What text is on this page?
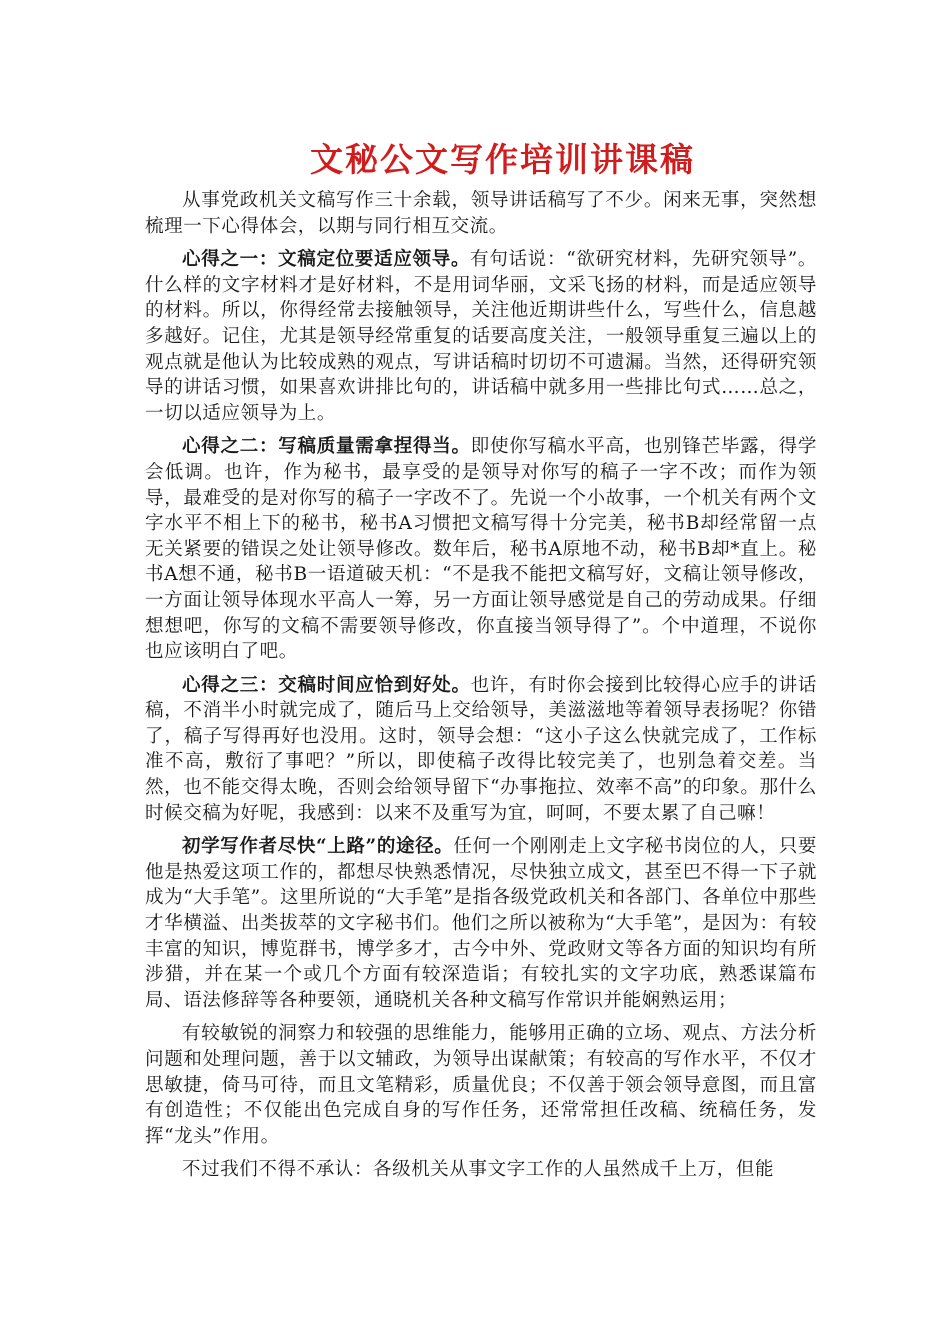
文秘公文写作培训讲课稿

从事党政机关文稿写作三十余载，领导讲话稿写了不少。闲来无事，突然想梳理一下心得体会，以期与同行相互交流。

心得之一：文稿定位要适应领导。有句话说：“欲研究材料，先研究领导”。什么样的文字材料才是好材料，不是用词华丽，文采飞扬的材料，而是适应领导的材料。所以，你得经常去接触领导，关注他近期讲些什么，写些什么，信息越多越好。记住，尤其是领导经常重复的话要高度关注，一般领导重复三遍以上的观点就是他认为比较成熟的观点，写讲话稿时切切不可遗漏。当然，还得研究领导的讲话习惯，如果喜欢讲排比句的，讲话稿中就多用一些排比句式……总之，一切以适应领导为上。

心得之二：写稿质量需拿捏得当。即使你写稿水平高，也别锋芒毕露，得学会低调。也许，作为秘书，最享受的是领导对你写的稿子一字不改；而作为领导，最难受的是对你写的稿子一字改不了。先说一个小故事，一个机关有两个文字水平不相上下的秘书，秘书A习惯把文稿写得十分完美，秘书B却经常留一点无关紧要的错误之处让领导修改。数年后，秘书A原地不动，秘书B却*直上。秘书A想不通，秘书B一语道破天机：“不是我不能把文稿写好，文稿让领导修改，一方面让领导体现水平高人一筹，另一方面让领导感觉是自己的劳动成果。仔细想想吧，你写的文稿不需要领导修改，你直接当领导得了”。个中道理，不说你也应该明白了吧。

心得之三：交稿时间应恰到好处。也许，有时你会接到比较得心应手的讲话稿，不消半小时就完成了，随后马上交给领导，美滋滋地等着领导表扬呢？你错了，稿子写得再好也没用。这时，领导会想：“这小子这么快就完成了，工作标准不高，敷衍了事吧？”所以，即使稿子改得比较完美了，也别急着交差。当然，也不能交得太晚，否则会给领导留下“办事拖拉、效率不高”的印象。那什么时候交稿为好呢，我感到：以来不及重写为宜，呵呵，不要太累了自己嘛！

初学写作者尽快“上路”的途径。任何一个刚刚走上文字秘书岗位的人，只要他是热爱这项工作的，都想尽快熟悉情况，尽快独立成文，甚至巴不得一下子就成为“大手笔”。这里所说的“大手笔”是指各级党政机关和各部门、各单位中那些才华横溢、出类拔萃的文字秘书们。他们之所以被称为“大手笔”，是因为：有较丰富的知识，博览群书，博学多才，古今中外、党政财文等各方面的知识均有所涉猎，并在某一个或几个方面有较深造诣；有较扎实的文字功底，熟悉谋篇布局、语法修辞等各种要领，通晓机关各种文稿写作常识并能娴熟运用；

有较敏锐的洞察力和较强的思维能力，能够用正确的立场、观点、方法分析问题和处理问题，善于以文辅政，为领导出谋献策；有较高的写作水平，不仅才思敏捷，倚马可待，而且文笔精彩，质量优良；不仅善于领会领导意图，而且富有创造性；不仅能出色完成自身的写作任务，还常常担任改稿、统稿任务，发挥“龙头”作用。

不过我们不得不承认：各级机关从事文字工作的人虽然成千上万，但能
